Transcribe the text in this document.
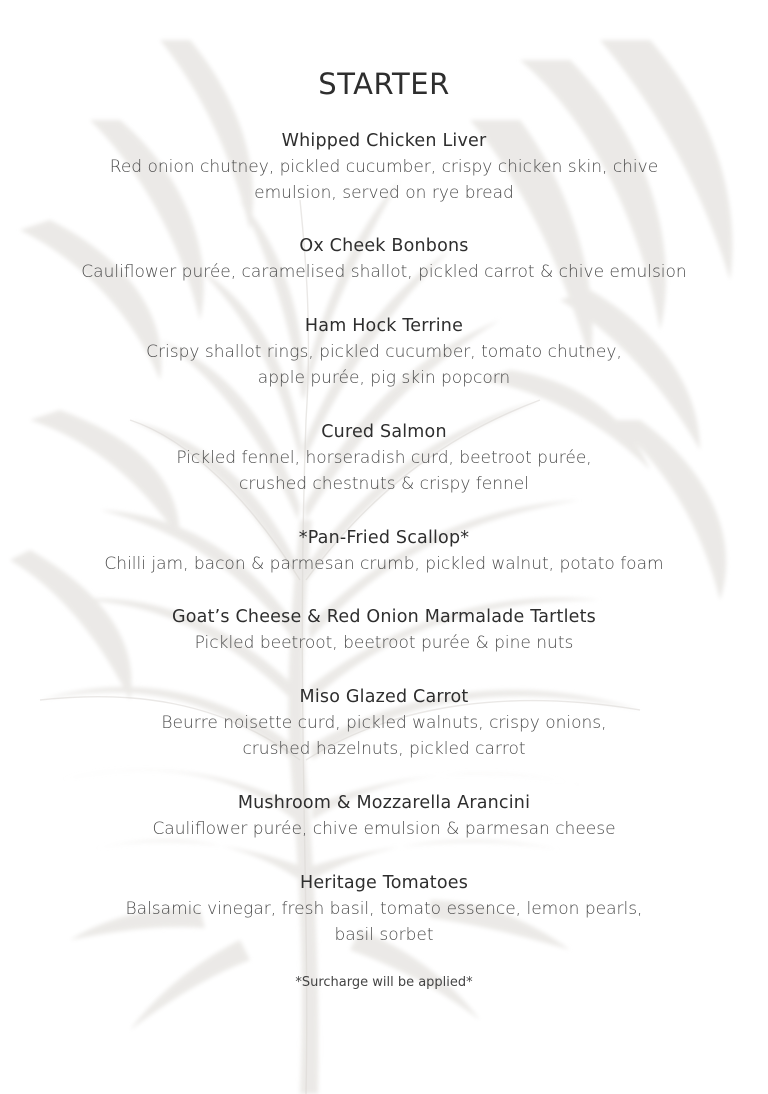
STARTER
Whipped Chicken Liver
Red onion chutney, pickled cucumber, crispy chicken skin, chive
emulsion, served on rye bread
Ox Cheek Bonbons
Cauliflower purée, caramelised shallot, pickled carrot & chive emulsion
Ham Hock Terrine
Crispy shallot rings, pickled cucumber, tomato chutney,
apple purée, pig skin popcorn
Cured Salmon
Pickled fennel, horseradish curd, beetroot purée,
crushed chestnuts & crispy fennel
*Pan-Fried Scallop*
Chilli jam, bacon & parmesan crumb, pickled walnut, potato foam
Goat’s Cheese & Red Onion Marmalade Tartlets
Pickled beetroot, beetroot purée & pine nuts
Miso Glazed Carrot
Beurre noisette curd, pickled walnuts, crispy onions,
crushed hazelnuts, pickled carrot
Mushroom & Mozzarella Arancini
Cauliflower purée, chive emulsion & parmesan cheese
Heritage Tomatoes
Balsamic vinegar, fresh basil, tomato essence, lemon pearls,
basil sorbet
*Surcharge will be applied*
